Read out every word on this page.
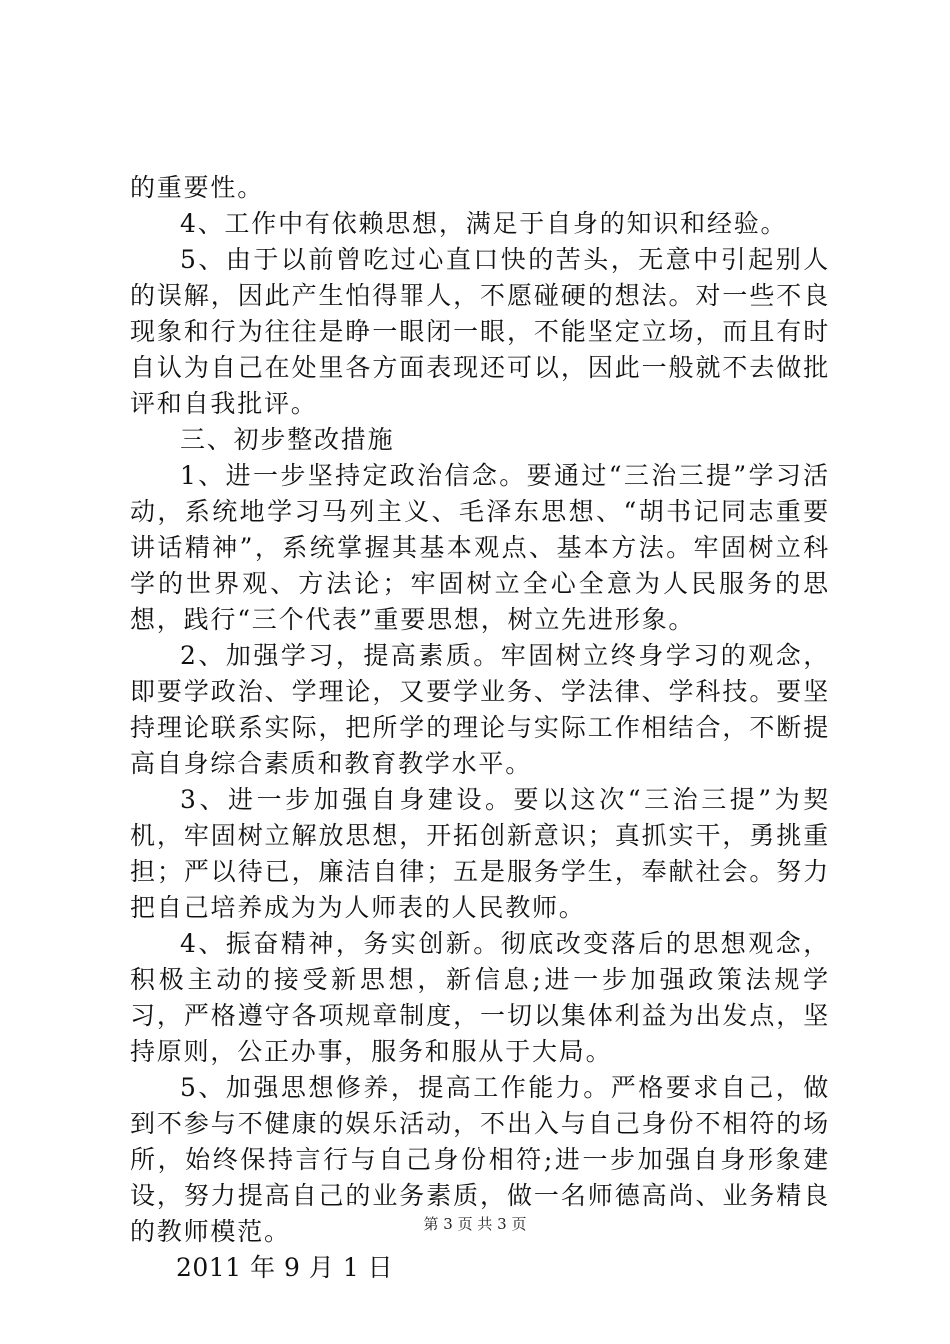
的重要性。

4、工作中有依赖思想，满足于自身的知识和经验。

5、由于以前曾吃过心直口快的苦头，无意中引起别人的误解，因此产生怕得罪人，不愿碰硬的想法。对一些不良现象和行为往往是睁一眼闭一眼，不能坚定立场，而且有时自认为自己在处里各方面表现还可以，因此一般就不去做批评和自我批评。

三、初步整改措施

1、进一步坚持定政治信念。要通过“三治三提”学习活动，系统地学习马列主义、毛泽东思想、“胡书记同志重要讲话精神”，系统掌握其基本观点、基本方法。牢固树立科学的世界观、方法论；牢固树立全心全意为人民服务的思想，践行“三个代表”重要思想，树立先进形象。

2、加强学习，提高素质。牢固树立终身学习的观念，即要学政治、学理论，又要学业务、学法律、学科技。要坚持理论联系实际，把所学的理论与实际工作相结合，不断提高自身综合素质和教育教学水平。

3、进一步加强自身建设。要以这次“三治三提”为契机，牢固树立解放思想，开拓创新意识；真抓实干，勇挑重担；严以待已，廉洁自律；五是服务学生，奉献社会。努力把自己培养成为为人师表的人民教师。

4、振奋精神，务实创新。彻底改变落后的思想观念，积极主动的接受新思想，新信息;进一步加强政策法规学习，严格遵守各项规章制度，一切以集体利益为出发点，坚持原则，公正办事，服务和服从于大局。

5、加强思想修养，提高工作能力。严格要求自己，做到不参与不健康的娱乐活动，不出入与自己身份不相符的场所，始终保持言行与自己身份相符;进一步加强自身形象建设，努力提高自己的业务素质，做一名师德高尚、业务精良的教师模范。

2011 年 9 月 1 日

第 3 页 共 3 页
